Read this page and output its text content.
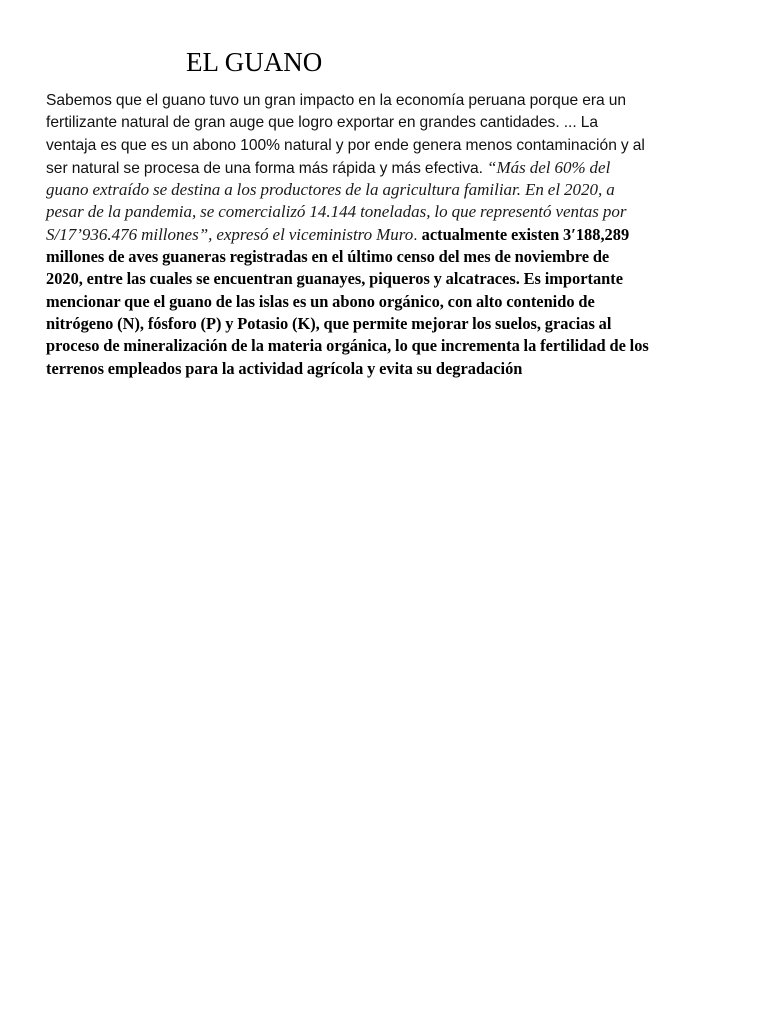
EL GUANO
Sabemos que el guano tuvo un gran impacto en la economía peruana porque era un
fertilizante natural de gran auge que logro exportar en grandes cantidades. ... La
ventaja es que es un abono 100% natural y por ende genera menos contaminación y al
ser natural se procesa de una forma más rápida y más efectiva. “Más del 60% del
guano extraído se destina a los productores de la agricultura familiar. En el 2020, a
pesar de la pandemia, se comercializó 14.144 toneladas, lo que representó ventas por
S/17’936.476 millones”, expresó el viceministro Muro. actualmente existen 3′188,289
millones de aves guaneras registradas en el último censo del mes de noviembre de
2020, entre las cuales se encuentran guanayes, piqueros y alcatraces. Es importante
mencionar que el guano de las islas es un abono orgánico, con alto contenido de
nitrógeno (N), fósforo (P) y Potasio (K), que permite mejorar los suelos, gracias al
proceso de mineralización de la materia orgánica, lo que incrementa la fertilidad de los
terrenos empleados para la actividad agrícola y evita su degradación
